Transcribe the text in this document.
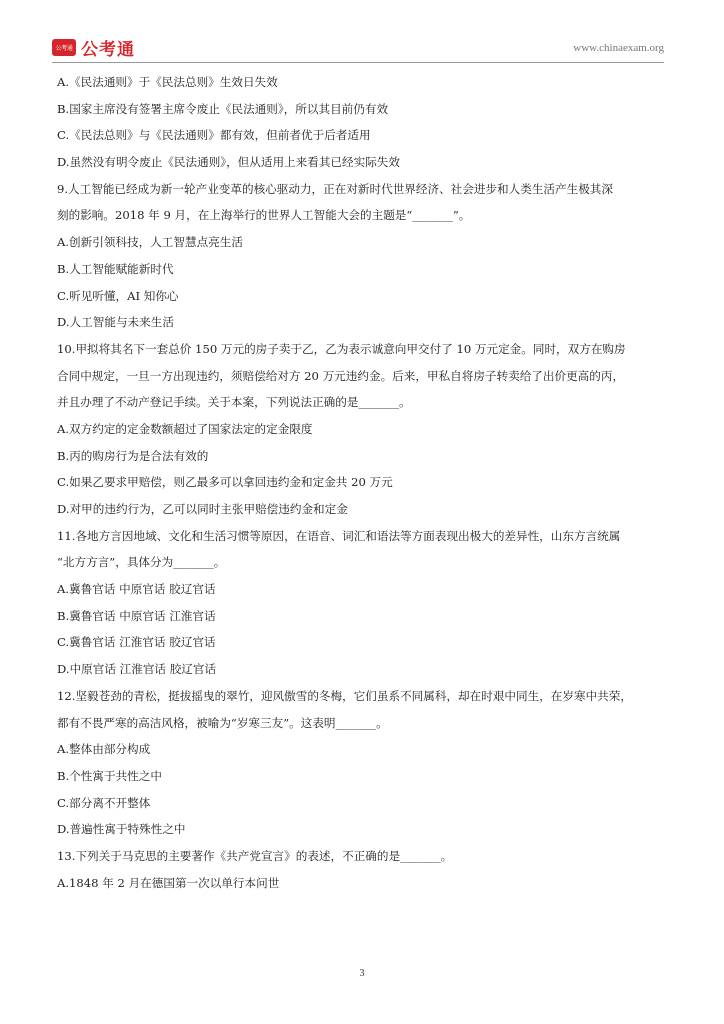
公考通 公考通	www.chinaexam.org
A.《民法通则》于《民法总则》生效日失效
B.国家主席没有签署主席令废止《民法通则》，所以其目前仍有效
C.《民法总则》与《民法通则》都有效，但前者优于后者适用
D.虽然没有明令废止《民法通则》，但从适用上来看其已经实际失效
9.人工智能已经成为新一轮产业变革的核心驱动力，正在对新时代世界经济、社会进步和人类生活产生极其深
刻的影响。2018 年 9 月，在上海举行的世界人工智能大会的主题是“_______”。
A.创新引领科技，人工智慧点亮生活
B.人工智能赋能新时代
C.听见听懂，AI 知你心
D.人工智能与未来生活
10.甲拟将其名下一套总价 150 万元的房子卖于乙，乙为表示诚意向甲交付了 10 万元定金。同时，双方在购房
合同中规定，一旦一方出现违约，须赔偿给对方 20 万元违约金。后来，甲私自将房子转卖给了出价更高的丙，
并且办理了不动产登记手续。关于本案，下列说法正确的是_______。
A.双方约定的定金数额超过了国家法定的定金限度
B.丙的购房行为是合法有效的
C.如果乙要求甲赔偿，则乙最多可以拿回违约金和定金共 20 万元
D.对甲的违约行为，乙可以同时主张甲赔偿违约金和定金
11.各地方言因地域、文化和生活习惯等原因，在语音、词汇和语法等方面表现出极大的差异性，山东方言统属
“北方方言”，具体分为_______。
A.冀鲁官话 中原官话 胶辽官话
B.冀鲁官话 中原官话 江淮官话
C.冀鲁官话 江淮官话 胶辽官话
D.中原官话 江淮官话 胶辽官话
12.坚毅苍劲的青松，挺拔摇曳的翠竹，迎风傲雪的冬梅，它们虽系不同属科，却在时艰中同生，在岁寒中共荣，
都有不畏严寒的高洁风格，被喻为“岁寒三友”。这表明_______。
A.整体由部分构成
B.个性寓于共性之中
C.部分离不开整体
D.普遍性寓于特殊性之中
13.下列关于马克思的主要著作《共产党宣言》的表述，不正确的是_______。
A.1848 年 2 月在德国第一次以单行本问世
3
